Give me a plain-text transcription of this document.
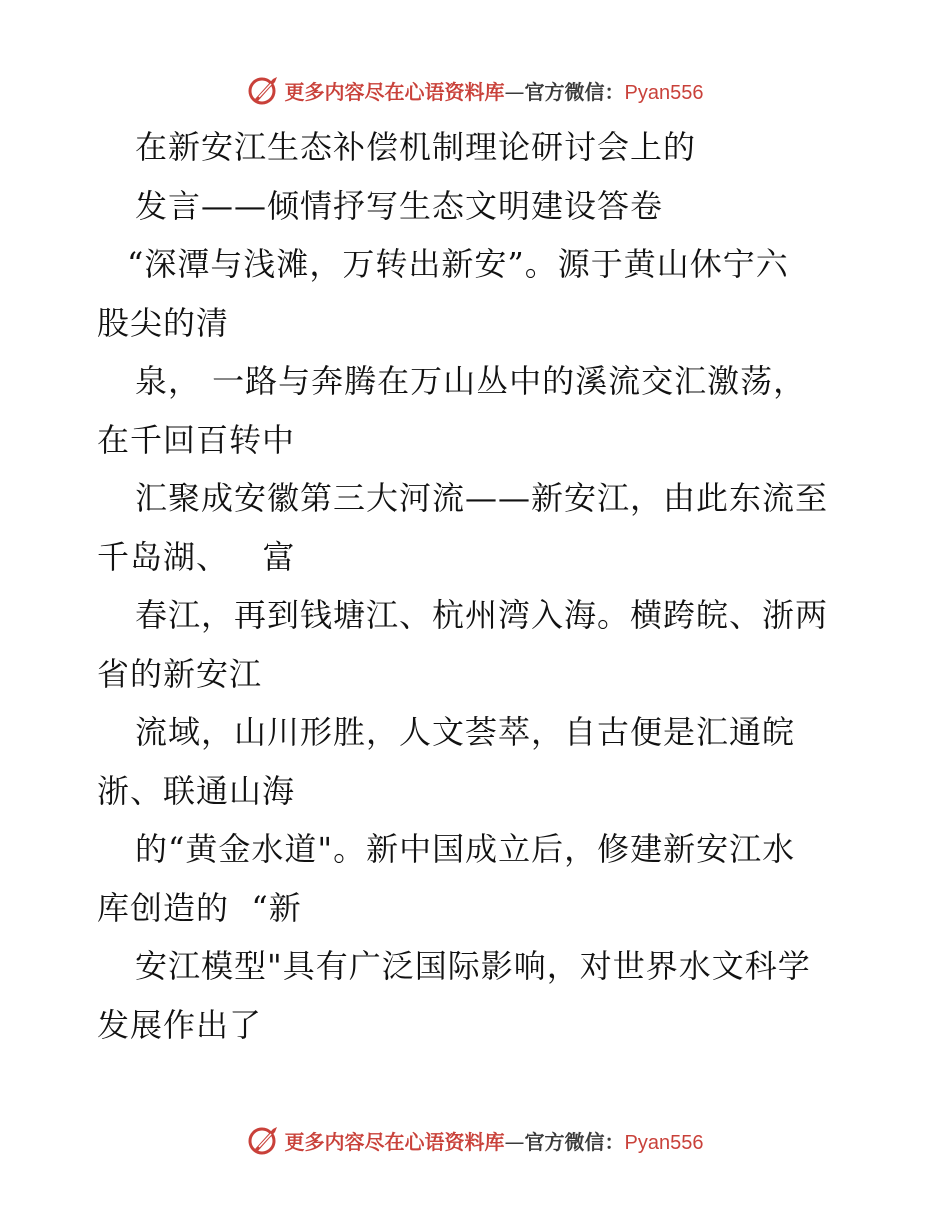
更多内容尽在心语资料库—官方微信：Pyan556
在新安江生态补偿机制理论研讨会上的
发言——倾情抒写生态文明建设答卷
“深潭与浅滩，万转出新安”。源于黄山休宁六
股尖的清
泉， 一路与奔腾在万山丛中的溪流交汇激荡，
在千回百转中
汇聚成安徽第三大河流——新安江，由此东流至
千岛湖、   富
春江，再到钱塘江、杭州湾入海。横跨皖、浙两
省的新安江
流域，山川形胜，人文荟萃，自古便是汇通皖
浙、联通山海
的“黄金水道"。新中国成立后，修建新安江水
库创造的  “新
安江模型"具有广泛国际影响，对世界水文科学
发展作出了
更多内容尽在心语资料库—官方微信：Pyan556
